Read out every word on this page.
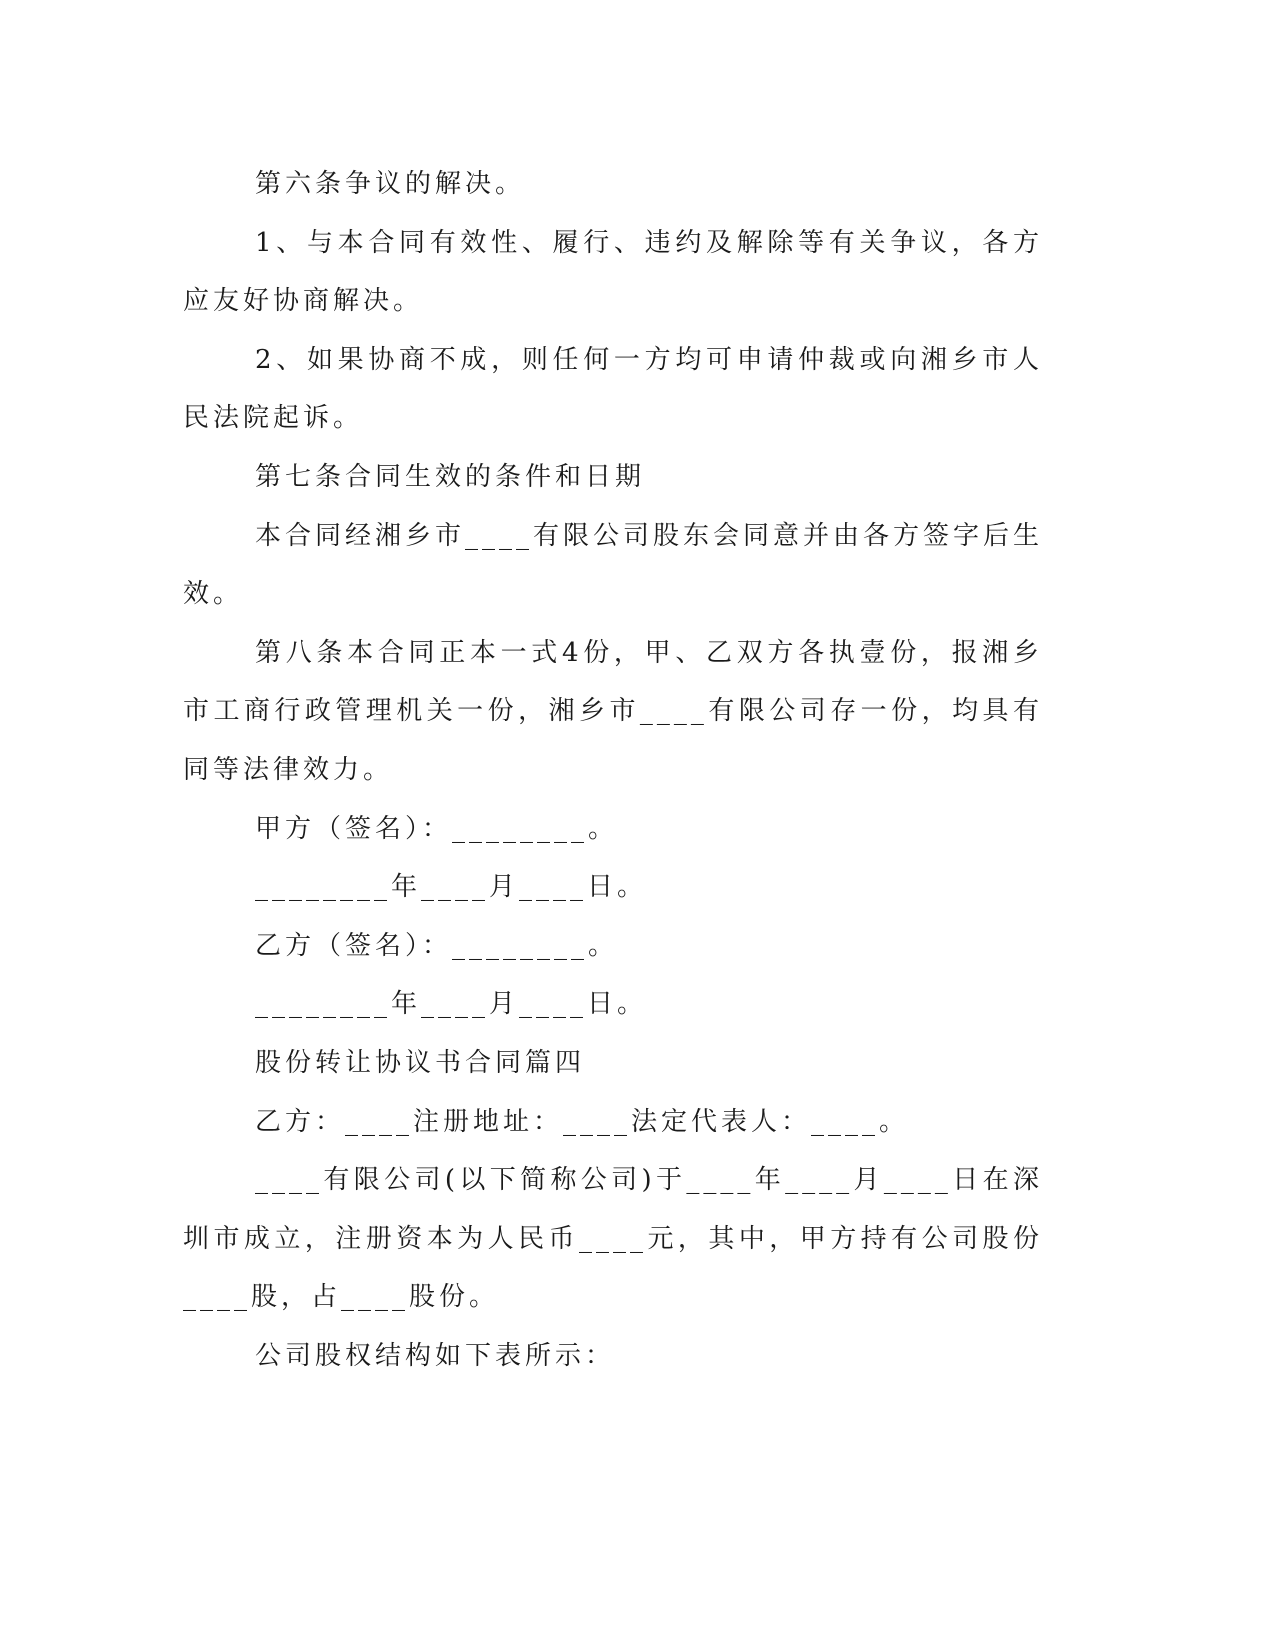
第六条争议的解决。

1、与本合同有效性、履行、违约及解除等有关争议，各方应友好协商解决。

2、如果协商不成，则任何一方均可申请仲裁或向湘乡市人民法院起诉。

第七条合同生效的条件和日期

本合同经湘乡市____有限公司股东会同意并由各方签字后生效。

第八条本合同正本一式4份，甲、乙双方各执壹份，报湘乡市工商行政管理机关一份，湘乡市____有限公司存一份，均具有同等法律效力。

甲方（签名）：________。

________年____月____日。

乙方（签名）：________。

________年____月____日。

股份转让协议书合同篇四

乙方：____注册地址：____法定代表人：____。

____有限公司(以下简称公司)于____年____月____日在深圳市成立，注册资本为人民币____元，其中，甲方持有公司股份____股，占____股份。

公司股权结构如下表所示：
